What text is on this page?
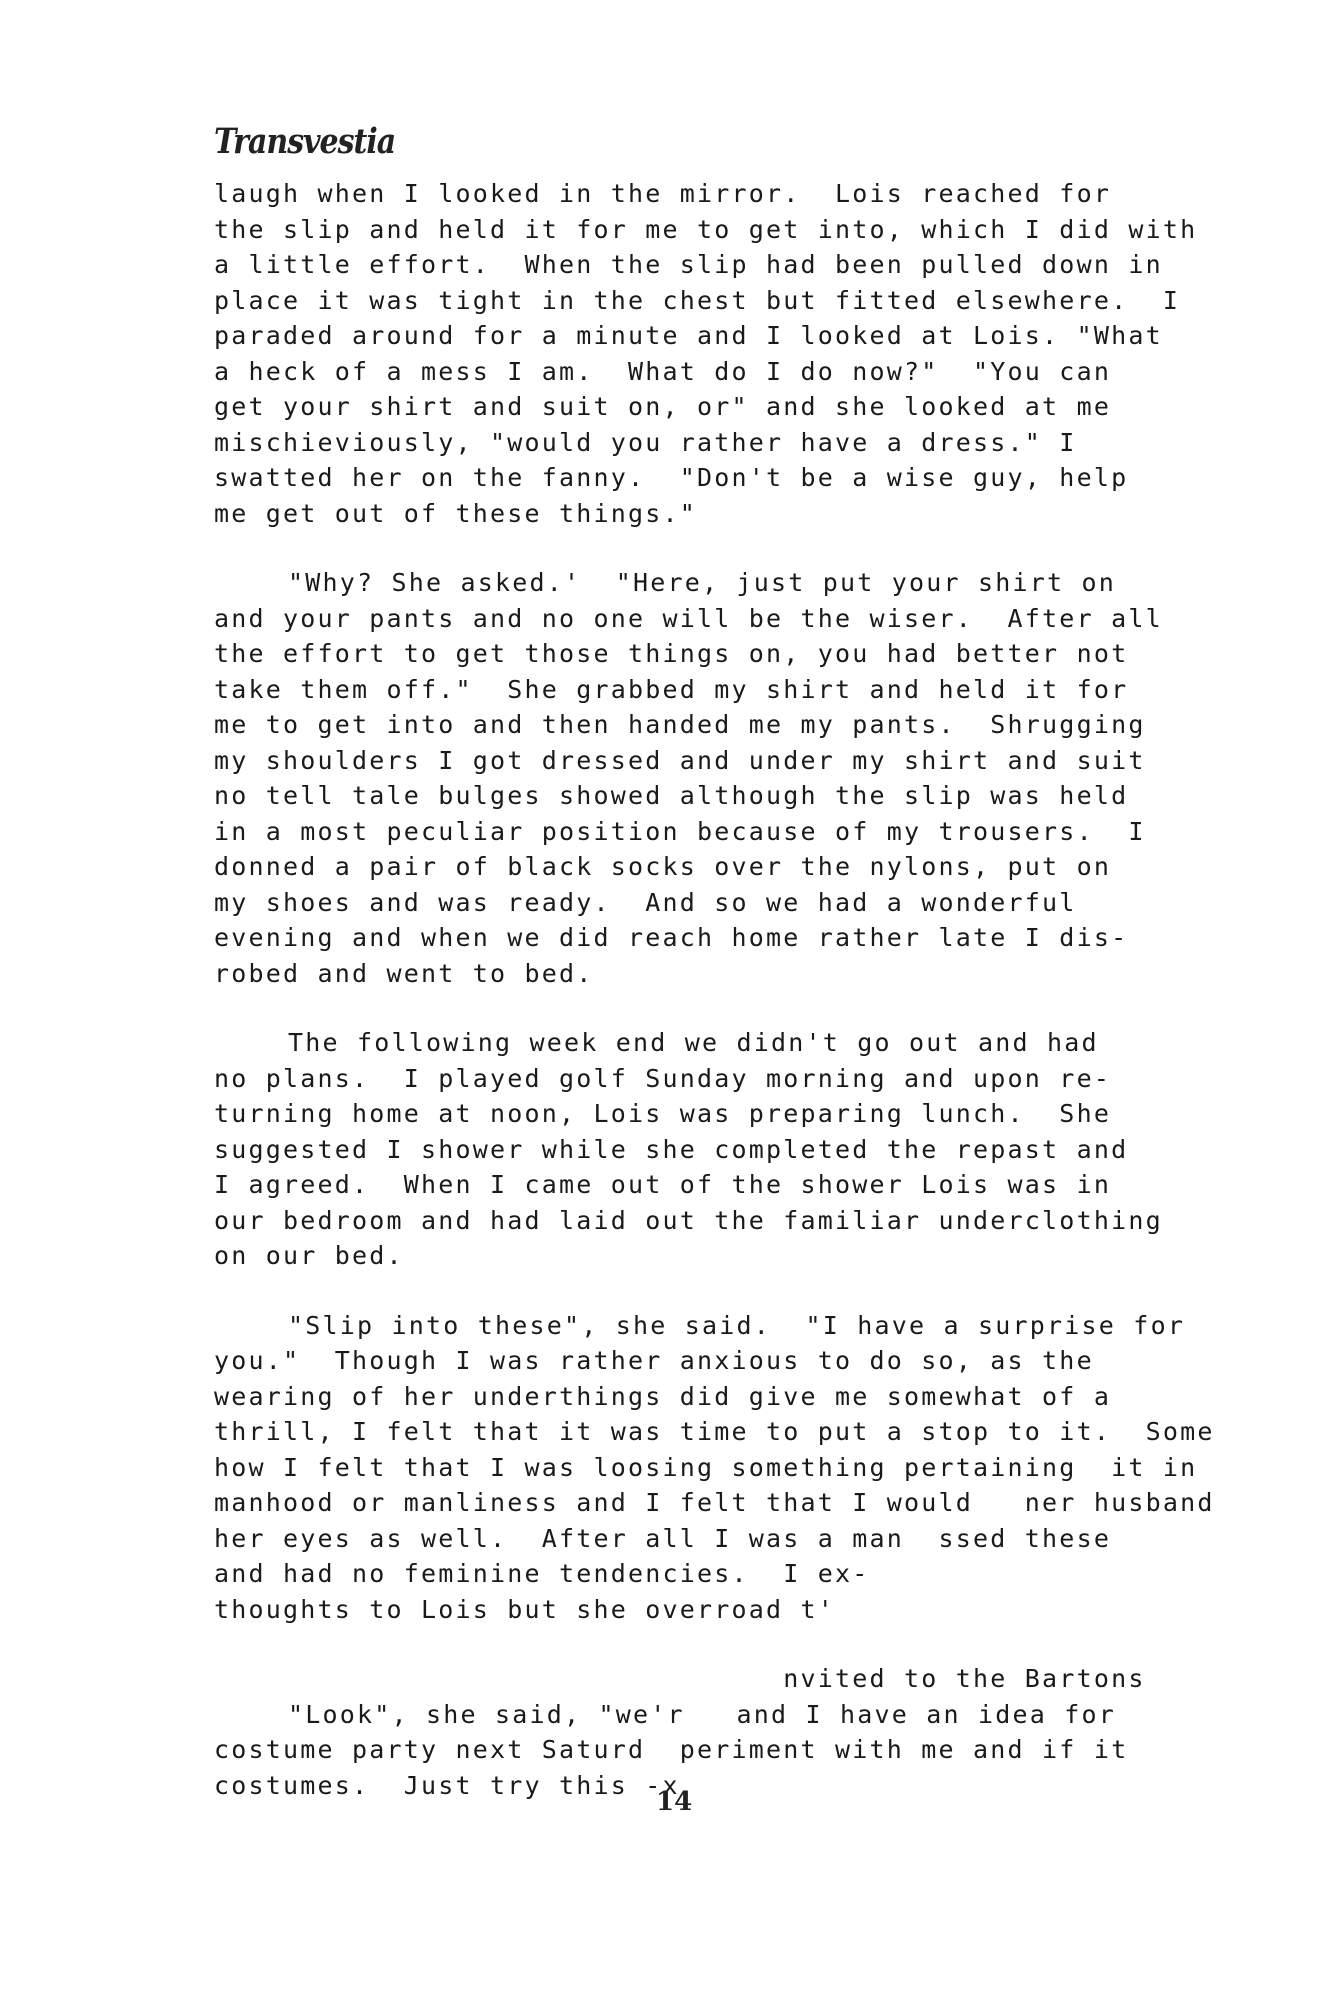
Transvestia
laugh when I looked in the mirror.  Lois reached for
the slip and held it for me to get into, which I did with
a little effort.  When the slip had been pulled down in
place it was tight in the chest but fitted elsewhere.  I
paraded around for a minute and I looked at Lois. "What
a heck of a mess I am.  What do I do now?"  "You can
get your shirt and suit on, or" and she looked at me
mischieviously, "would you rather have a dress." I
swatted her on the fanny.  "Don't be a wise guy, help
me get out of these things."
"Why? She asked.'  "Here, just put your shirt on
and your pants and no one will be the wiser.  After all
the effort to get those things on, you had better not
take them off."  She grabbed my shirt and held it for
me to get into and then handed me my pants.  Shrugging
my shoulders I got dressed and under my shirt and suit
no tell tale bulges showed although the slip was held
in a most peculiar position because of my trousers.  I
donned a pair of black socks over the nylons, put on
my shoes and was ready.  And so we had a wonderful
evening and when we did reach home rather late I dis-
robed and went to bed.
The following week end we didn't go out and had
no plans.  I played golf Sunday morning and upon re-
turning home at noon, Lois was preparing lunch.  She
suggested I shower while she completed the repast and
I agreed.  When I came out of the shower Lois was in
our bedroom and had laid out the familiar underclothing
on our bed.
"Slip into these", she said.  "I have a surprise for
you."  Though I was rather anxious to do so, as the
wearing of her underthings did give me somewhat of a
thrill, I felt that it was time to put a stop to it.  Some
how I felt that I was loosing something pertaining  it in
manhood or manliness and I felt that I would   ner husband
her eyes as well.  After all I was a man  ssed these
and had no feminine tendencies.  I ex-
thoughts to Lois but she overroad t'
nvited to the Bartons
"Look", she said, "we'r   and I have an idea for
costume party next Saturd  periment with me and if it
costumes.  Just try this -x
14
